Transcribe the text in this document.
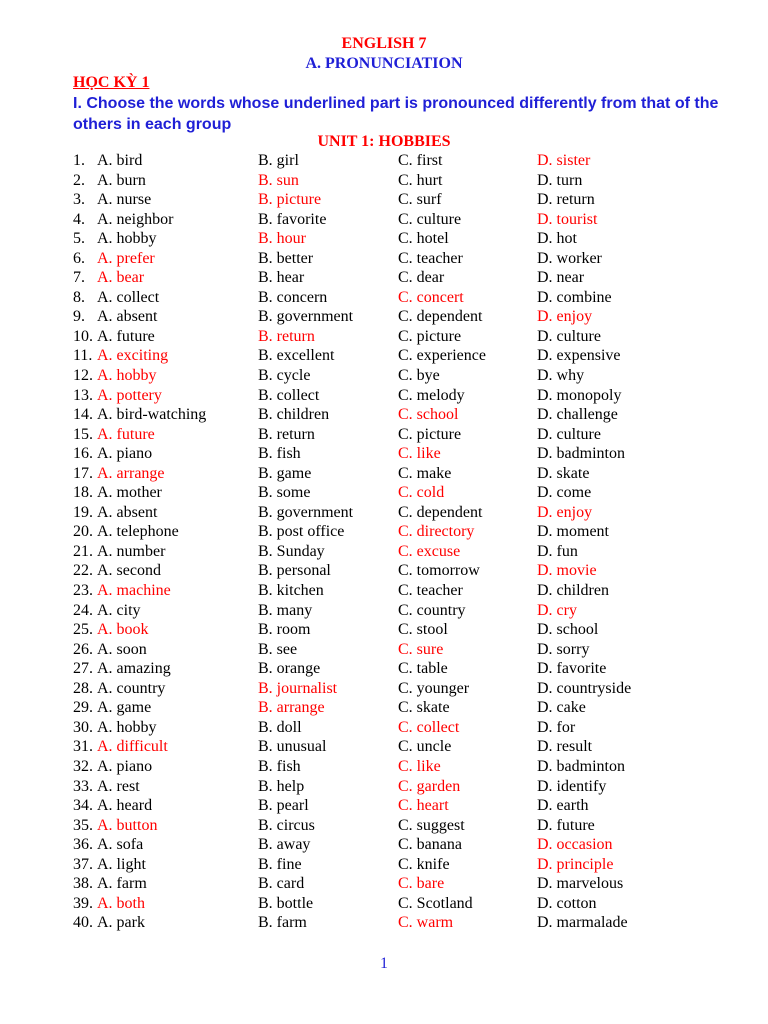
ENGLISH 7
A. PRONUNCIATION
HỌC KỲ 1
I. Choose the words whose underlined part is pronounced differently from that of the others in each group
UNIT 1: HOBBIES
1. A. bird	B. girl	C. first	D. sister
2. A. burn	B. sun	C. hurt	D. turn
3. A. nurse	B. picture	C. surf	D. return
4. A. neighbor	B. favorite	C. culture	D. tourist
5. A. hobby	B. hour	C. hotel	D. hot
6. A. prefer	B. better	C. teacher	D. worker
7. A. bear	B. hear	C. dear	D. near
8. A. collect	B. concern	C. concert	D. combine
9. A. absent	B. government	C. dependent	D. enjoy
10. A. future	B. return	C. picture	D. culture
11. A. exciting	B. excellent	C. experience	D. expensive
12. A. hobby	B. cycle	C. bye	D. why
13. A. pottery	B. collect	C. melody	D. monopoly
14. A. bird-watching	B. children	C. school	D. challenge
15. A. future	B. return	C. picture	D. culture
16. A. piano	B. fish	C. like	D. badminton
17. A. arrange	B. game	C. make	D. skate
18. A. mother	B. some	C. cold	D. come
19. A. absent	B. government	C. dependent	D. enjoy
20. A. telephone	B. post office	C. directory	D. moment
21. A. number	B. Sunday	C. excuse	D. fun
22. A. second	B. personal	C. tomorrow	D. movie
23. A. machine	B. kitchen	C. teacher	D. children
24. A. city	B. many	C. country	D. cry
25. A. book	B. room	C. stool	D. school
26. A. soon	B. see	C. sure	D. sorry
27. A. amazing	B. orange	C. table	D. favorite
28. A. country	B. journalist	C. younger	D. countryside
29. A. game	B. arrange	C. skate	D. cake
30. A. hobby	B. doll	C. collect	D. for
31. A. difficult	B. unusual	C. uncle	D. result
32. A. piano	B. fish	C. like	D. badminton
33. A. rest	B. help	C. garden	D. identify
34. A. heard	B. pearl	C. heart	D. earth
35. A. button	B. circus	C. suggest	D. future
36. A. sofa	B. away	C. banana	D. occasion
37. A. light	B. fine	C. knife	D. principle
38. A. farm	B. card	C. bare	D. marvelous
39. A. both	B. bottle	C. Scotland	D. cotton
40. A. park	B. farm	C. warm	D. marmalade
1
